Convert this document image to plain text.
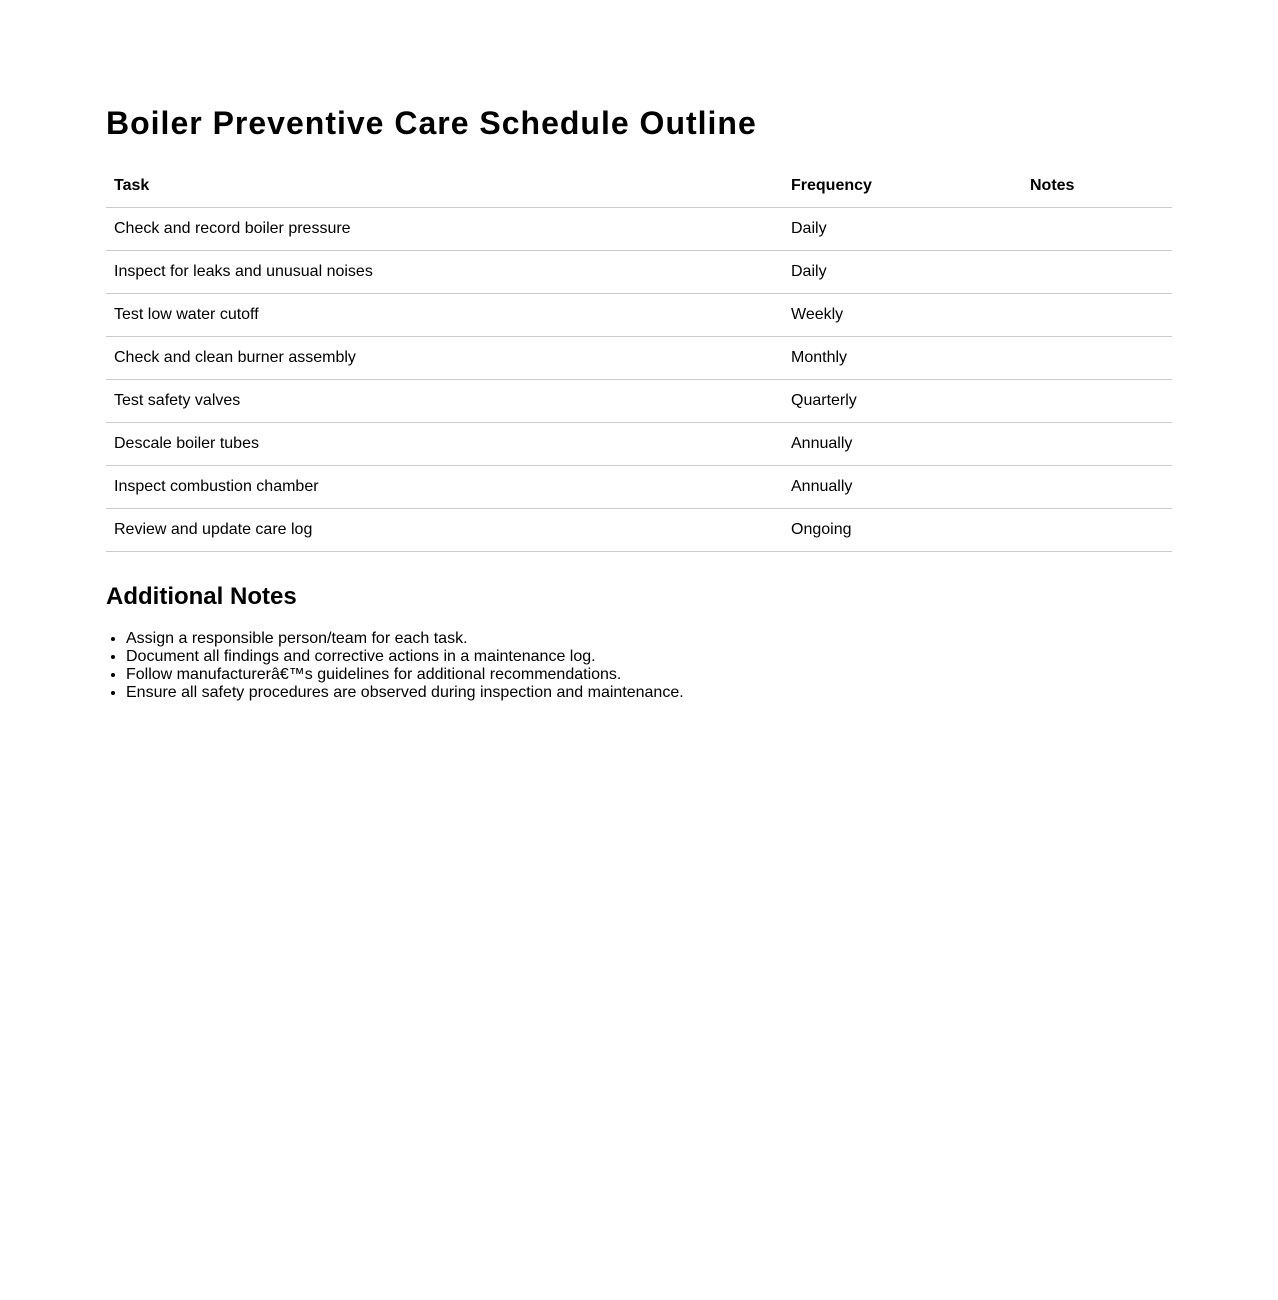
Boiler Preventive Care Schedule Outline
Task	Frequency	Notes
Check and record boiler pressure	Daily	
Inspect for leaks and unusual noises	Daily	
Test low water cutoff	Weekly	
Check and clean burner assembly	Monthly	
Test safety valves	Quarterly	
Descale boiler tubes	Annually	
Inspect combustion chamber	Annually	
Review and update care log	Ongoing	
Additional Notes
• Assign a responsible person/team for each task.
• Document all findings and corrective actions in a maintenance log.
• Follow manufacturerâ€™s guidelines for additional recommendations.
• Ensure all safety procedures are observed during inspection and maintenance.
